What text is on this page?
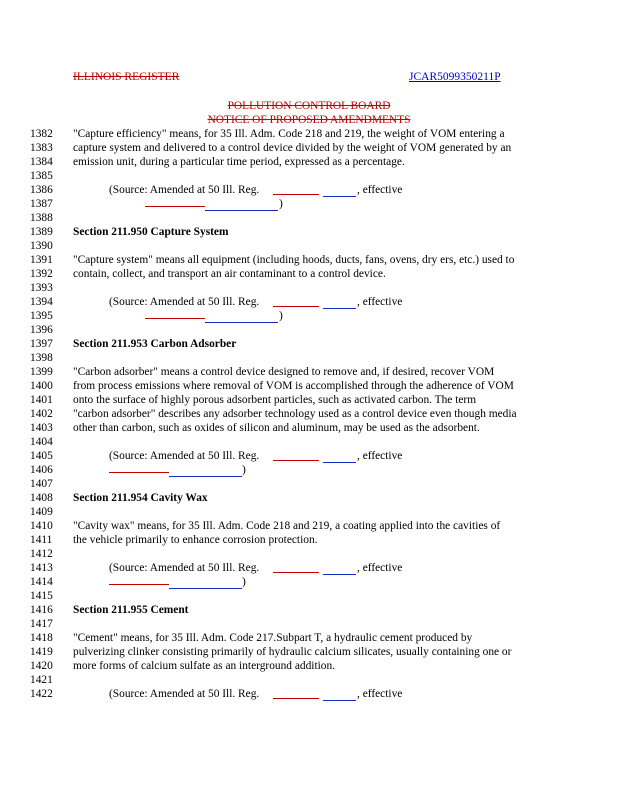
ILLINOIS REGISTER	JCAR5099350211P
POLLUTION CONTROL BOARD
NOTICE OF PROPOSED AMENDMENTS
1382
1383
1384
1385
1386
1387
1388
1389
1390
1391
1392
1393
1394
1395
1396
1397
1398
1399
1400
1401
1402
1403
1404
1405
1406
1407
1408
1409
1410
1411
1412
1413
1414
1415
1416
1417
1418
1419
1420
1421
1422
"Capture efficiency" means, for 35 Ill. Adm. Code 218 and 219, the weight of VOM entering a
capture system and delivered to a control device divided by the weight of VOM generated by an
emission unit, during a particular time period, expressed as a percentage.
(Source: Amended at 50 Ill. Reg.	, effective
)
Section 211.950 Capture System
"Capture system" means all equipment (including hoods, ducts, fans, ovens, dry ers, etc.) used to
contain, collect, and transport an air contaminant to a control device.
(Source: Amended at 50 Ill. Reg.	, effective
)
Section 211.953 Carbon Adsorber
"Carbon adsorber" means a control device designed to remove and, if desired, recover VOM
from process emissions where removal of VOM is accomplished through the adherence of VOM
onto the surface of highly porous adsorbent particles, such as activated carbon. The term
"carbon adsorber" describes any adsorber technology used as a control device even though media
other than carbon, such as oxides of silicon and aluminum, may be used as the adsorbent.
(Source: Amended at 50 Ill. Reg.	, effective
)
Section 211.954 Cavity Wax
"Cavity wax" means, for 35 Ill. Adm. Code 218 and 219, a coating applied into the cavities of
the vehicle primarily to enhance corrosion protection.
(Source: Amended at 50 Ill. Reg.	, effective
)
Section 211.955 Cement
"Cement" means, for 35 Ill. Adm. Code 217.Subpart T, a hydraulic cement produced by
pulverizing clinker consisting primarily of hydraulic calcium silicates, usually containing one or
more forms of calcium sulfate as an interground addition.
(Source: Amended at 50 Ill. Reg.	, effective
